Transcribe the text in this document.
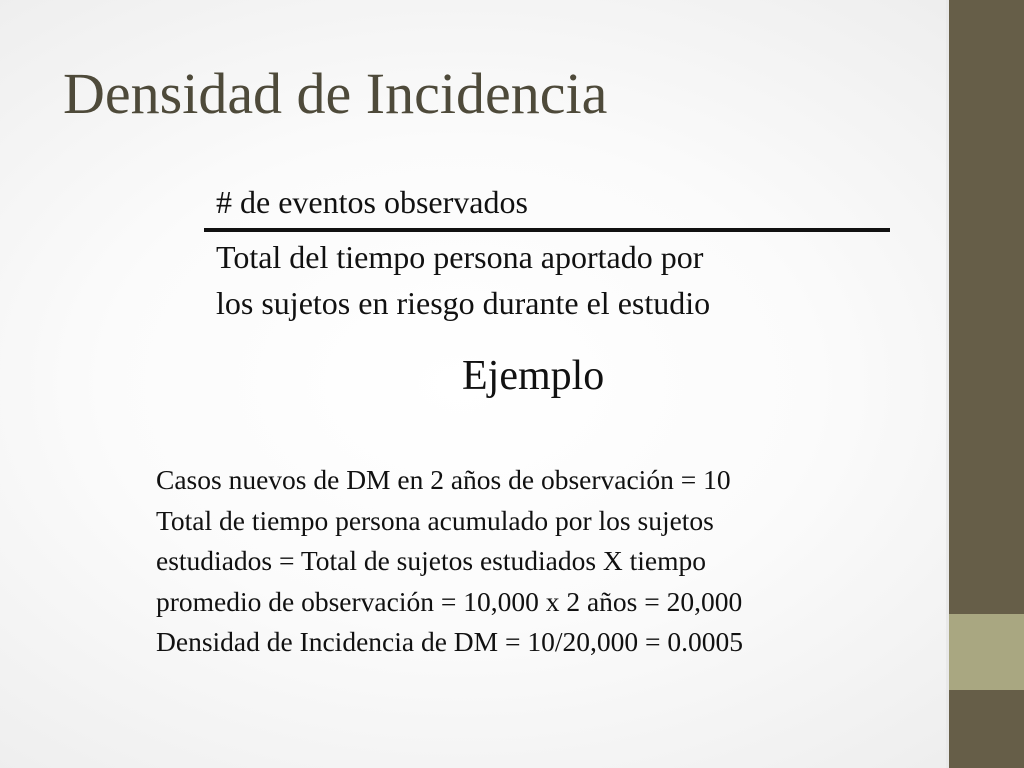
Densidad de Incidencia
# de eventos observados
Total del tiempo persona aportado por
los sujetos en riesgo durante el estudio
Ejemplo
Casos nuevos de DM en 2 años de observación = 10
Total de tiempo persona acumulado por los sujetos
estudiados = Total de sujetos estudiados X tiempo
promedio de observación = 10,000 x 2 años = 20,000
Densidad de Incidencia de DM = 10/20,000 = 0.0005
